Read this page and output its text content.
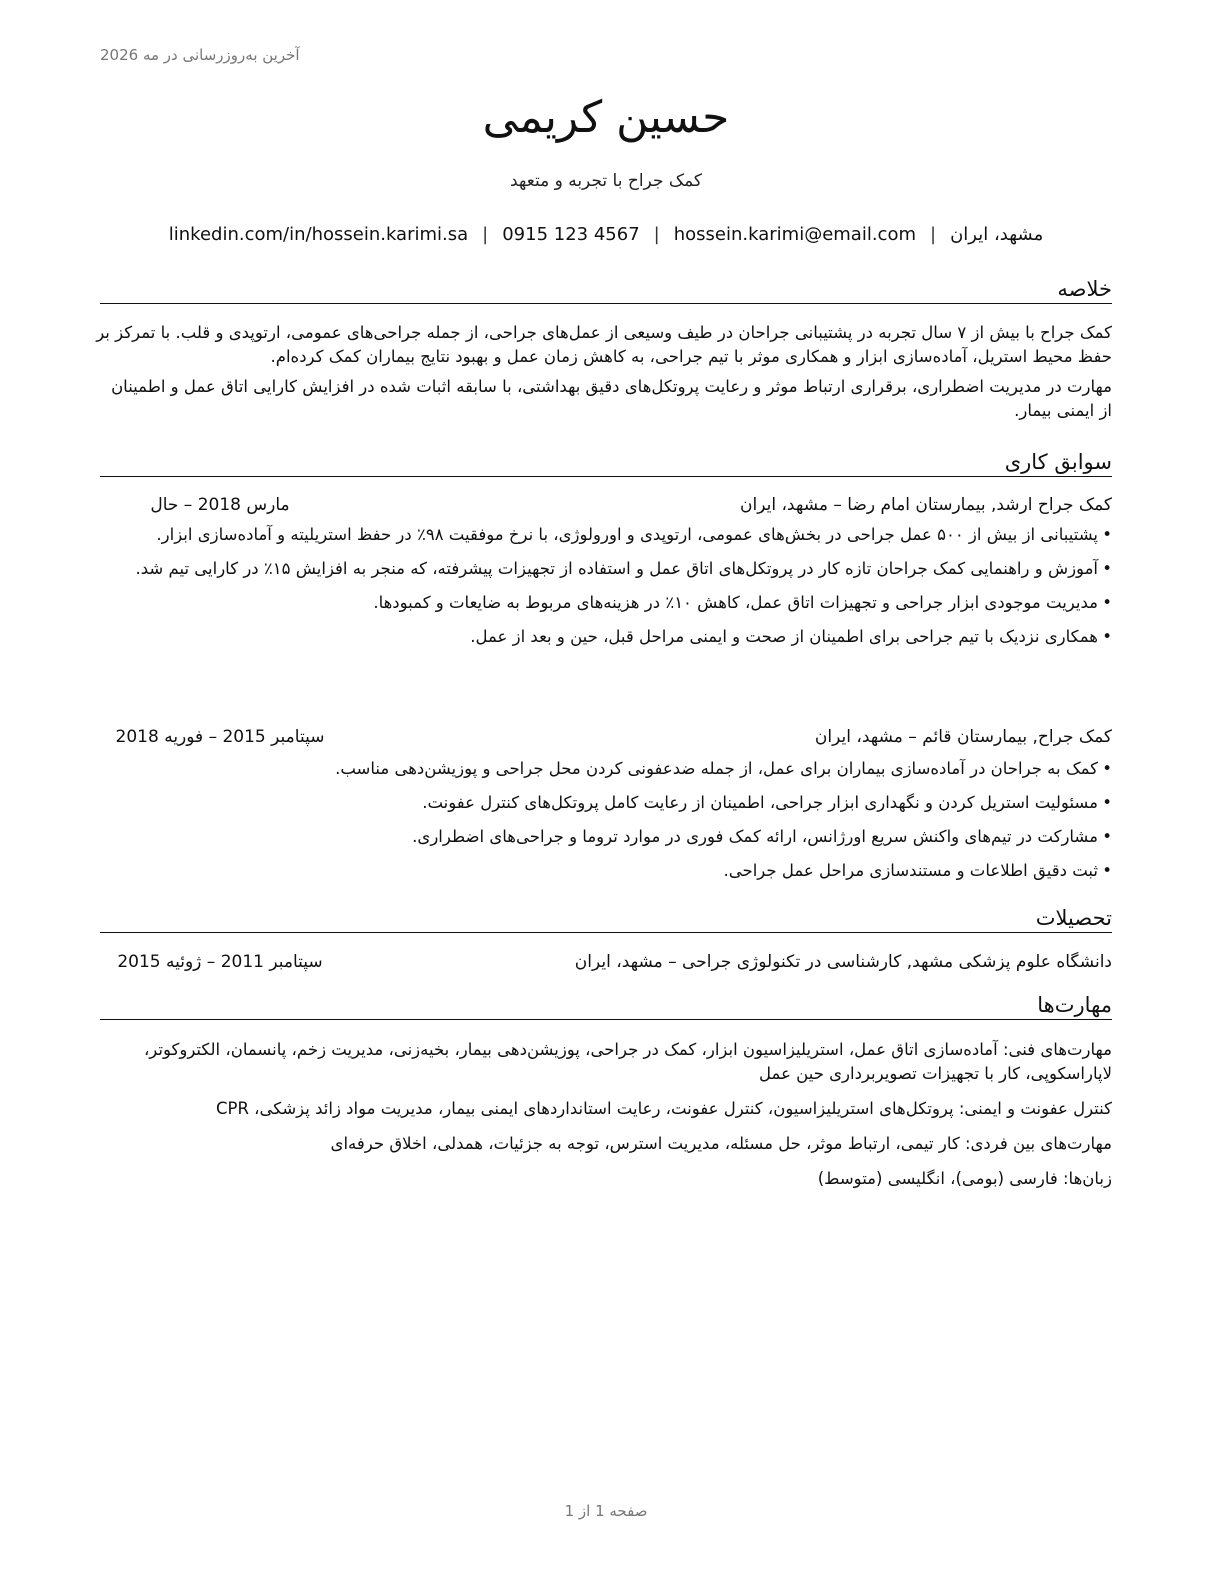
آخرین به‌روزرسانی در مه 2026
حسین کریمی
کمک جراح با تجربه و متعهد
مشهد، ایران|hossein.karimi@email.com|0915 123 4567|linkedin.com/in/hossein.karimi.sa
خلاصه

کمک جراح با بیش از ۷ سال تجربه در پشتیبانی جراحان در طیف وسیعی از عمل‌های جراحی، از جمله جراحی‌های عمومی، ارتوپدی و قلب. با تمرکز بر حفظ محیط استریل، آماده‌سازی ابزار و همکاری موثر با تیم جراحی، به کاهش زمان عمل و بهبود نتایج بیماران کمک کرده‌ام.

مهارت در مدیریت اضطراری، برقراری ارتباط موثر و رعایت پروتکل‌های دقیق بهداشتی، با سابقه اثبات شده در افزایش کارایی اتاق عمل و اطمینان از ایمنی بیمار.

سوابق کاری
کمک جراح ارشد, بیمارستان امام رضا – مشهد، ایران
مارس 2018 – حال
• پشتیبانی از بیش از ۵۰۰ عمل جراحی در بخش‌های عمومی، ارتوپدی و اورولوژی، با نرخ موفقیت ۹۸٪ در حفظ استریلیته و آماده‌سازی ابزار.
• آموزش و راهنمایی کمک جراحان تازه کار در پروتکل‌های اتاق عمل و استفاده از تجهیزات پیشرفته، که منجر به افزایش ۱۵٪ در کارایی تیم شد.
• مدیریت موجودی ابزار جراحی و تجهیزات اتاق عمل، کاهش ۱۰٪ در هزینه‌های مربوط به ضایعات و کمبودها.
• همکاری نزدیک با تیم جراحی برای اطمینان از صحت و ایمنی مراحل قبل، حین و بعد از عمل.
کمک جراح, بیمارستان قائم – مشهد، ایران
سپتامبر 2015 – فوریه 2018
• کمک به جراحان در آماده‌سازی بیماران برای عمل، از جمله ضدعفونی کردن محل جراحی و پوزیشن‌دهی مناسب.
• مسئولیت استریل کردن و نگهداری ابزار جراحی، اطمینان از رعایت کامل پروتکل‌های کنترل عفونت.
• مشارکت در تیم‌های واکنش سریع اورژانس، ارائه کمک فوری در موارد تروما و جراحی‌های اضطراری.
• ثبت دقیق اطلاعات و مستندسازی مراحل عمل جراحی.
تحصیلات
دانشگاه علوم پزشکی مشهد, کارشناسی در تکنولوژی جراحی – مشهد، ایران
سپتامبر 2011 – ژوئیه 2015
مهارت‌ها

مهارت‌های فنی: آماده‌سازی اتاق عمل، استریلیزاسیون ابزار، کمک در جراحی، پوزیشن‌دهی بیمار، بخیه‌زنی، مدیریت زخم، پانسمان، الکتروکوتر، لاپاراسکوپی، کار با تجهیزات تصویربرداری حین عمل

کنترل عفونت و ایمنی: پروتکل‌های استریلیزاسیون، کنترل عفونت، رعایت استانداردهای ایمنی بیمار، مدیریت مواد زائد پزشکی، CPR

مهارت‌های بین فردی: کار تیمی، ارتباط موثر، حل مسئله، مدیریت استرس، توجه به جزئیات، همدلی، اخلاق حرفه‌ای

زبان‌ها: فارسی (بومی)، انگلیسی (متوسط)

صفحه 1 از 1
